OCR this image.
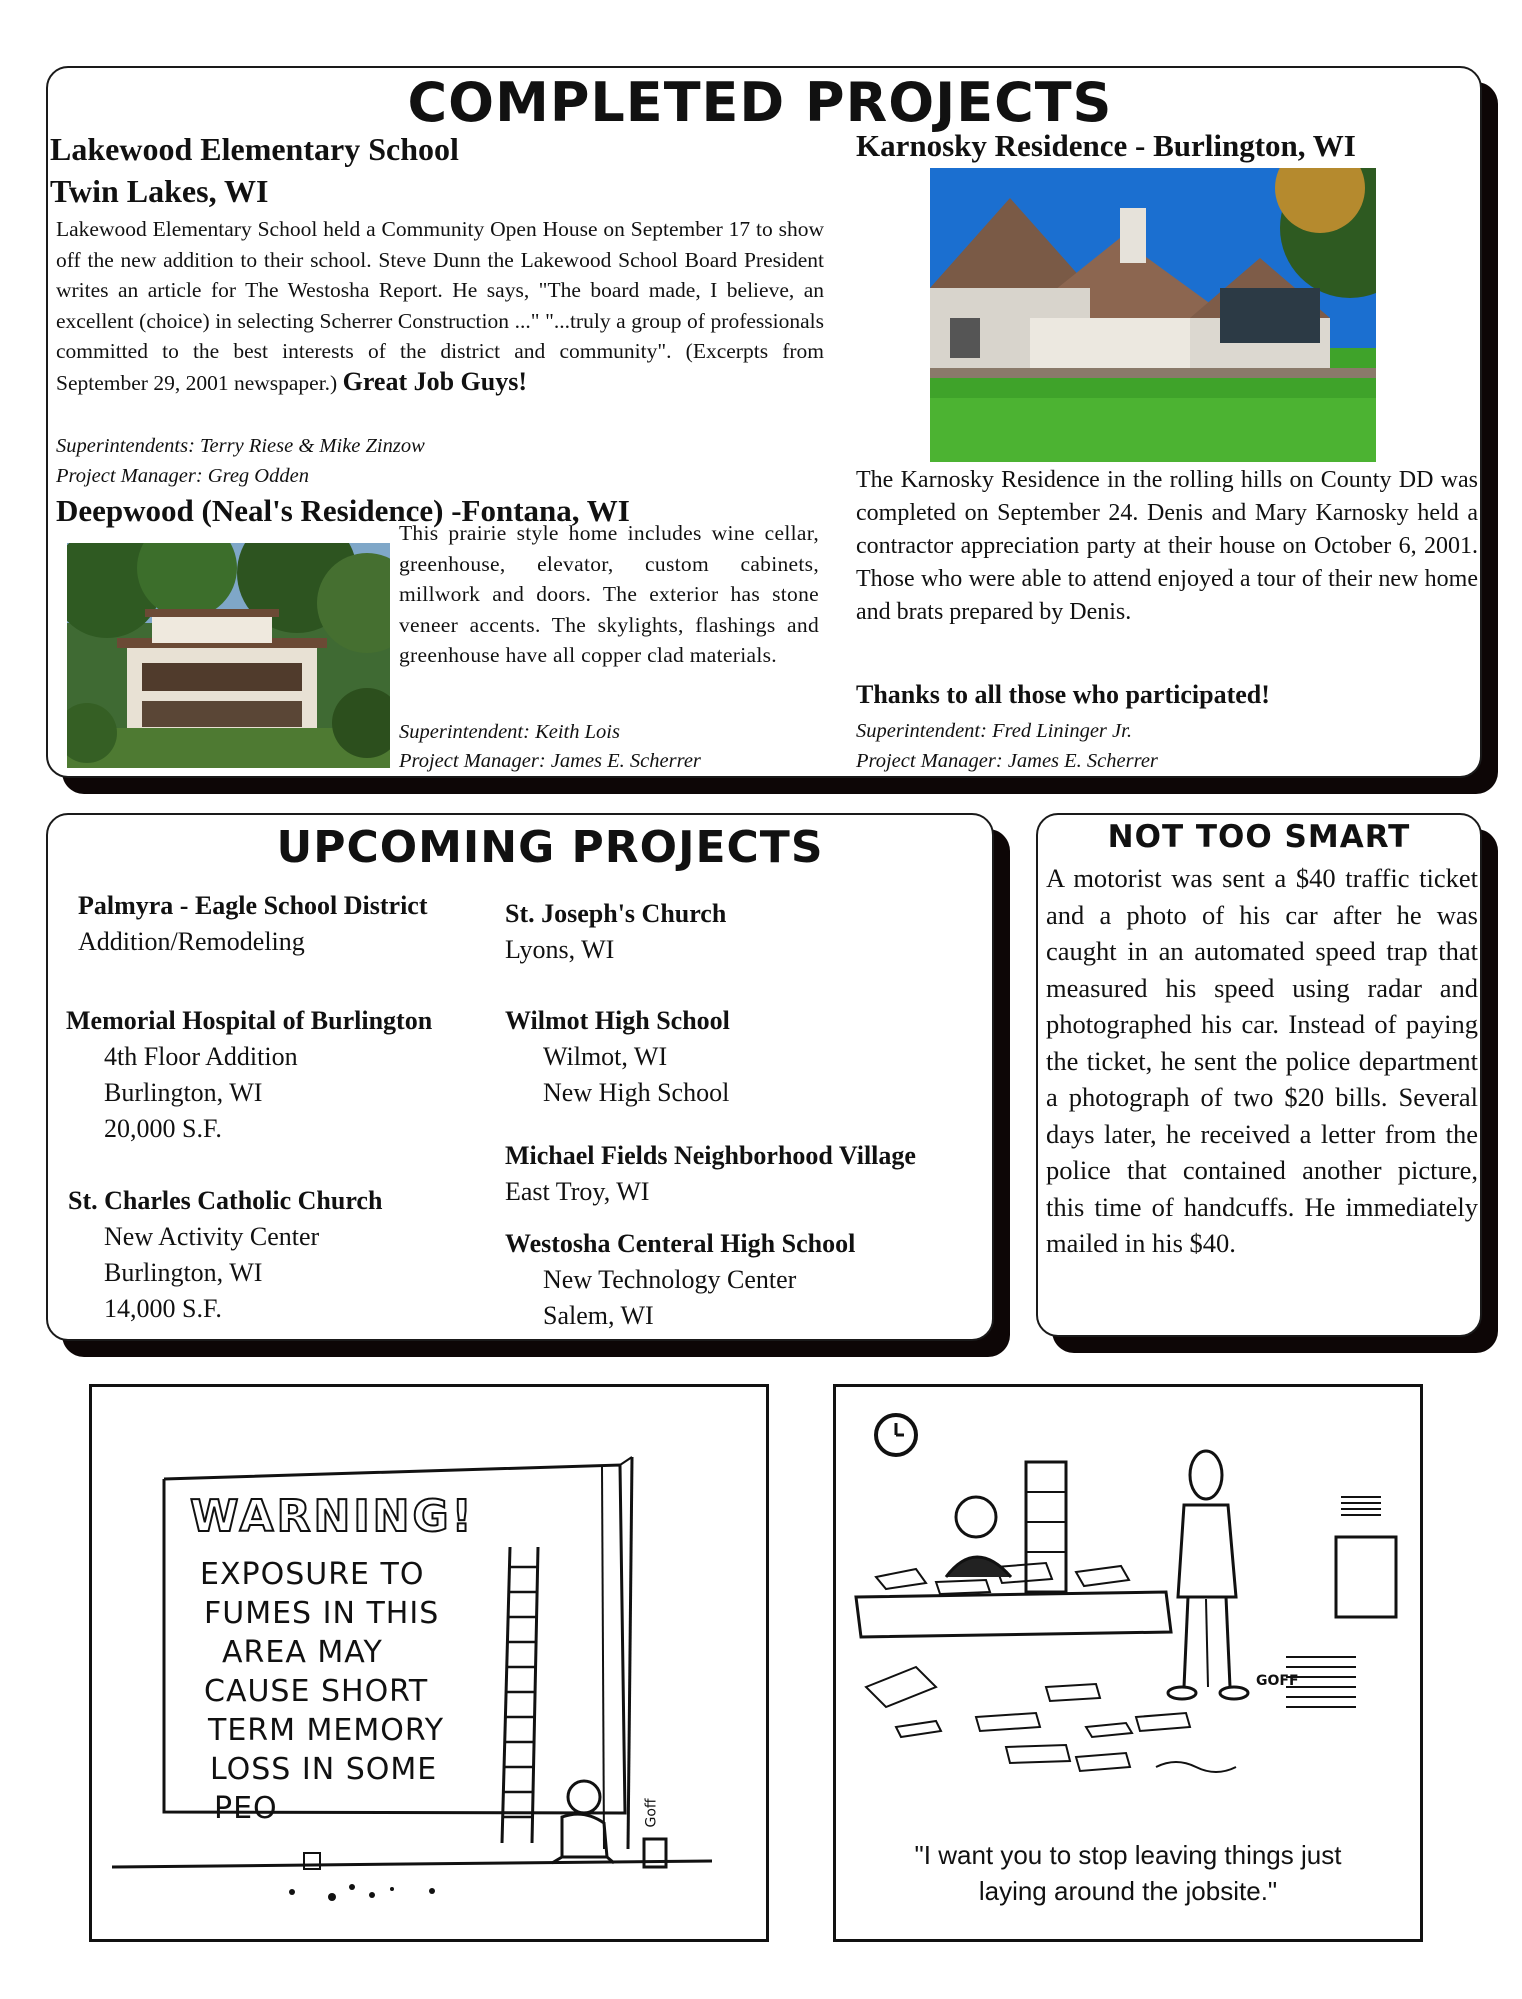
COMPLETED PROJECTS
Lakewood Elementary School
Twin Lakes, WI
Lakewood Elementary School held a Community Open House on September 17 to show off the new addition to their school. Steve Dunn the Lakewood School Board President writes an article for The Westosha Report. He says, "The board made, I believe, an excellent (choice) in selecting Scherrer Construction ..." "...truly a group of professionals committed to the best interests of the district and community". (Excerpts from September 29, 2001 newspaper.) Great Job Guys!
Superintendents: Terry Riese & Mike Zinzow
Project Manager: Greg Odden
Deepwood (Neal's Residence) -Fontana, WI
This prairie style home includes wine cellar, greenhouse, elevator, custom cabinets, millwork and doors. The exterior has stone veneer accents. The skylights, flashings and greenhouse have all copper clad materials.
Superintendent: Keith Lois
Project Manager: James E. Scherrer
Karnosky Residence - Burlington, WI
The Karnosky Residence in the rolling hills on County DD was completed on September 24. Denis and Mary Karnosky held a contractor appreciation party at their house on October 6, 2001. Those who were able to attend enjoyed a tour of their new home and brats prepared by Denis.
Thanks to all those who participated!
Superintendent: Fred Lininger Jr.
Project Manager: James E. Scherrer
UPCOMING PROJECTS
Palmyra - Eagle School District
Addition/Remodeling
Memorial Hospital of Burlington

4th Floor Addition
Burlington, WI
20,000 S.F.
St. Charles Catholic Church

New Activity Center
Burlington, WI
14,000 S.F.
St. Joseph's Church
Lyons, WI
Wilmot High School

Wilmot, WI
New High School
Michael Fields Neighborhood Village
East Troy, WI
Westosha Centeral High School

New Technology Center
Salem, WI
NOT TOO SMART
A motorist was sent a $40 traffic ticket and a photo of his car after he was caught in an automated speed trap that measured his speed using radar and photographed his car. Instead of paying the ticket, he sent the police department a photograph of two $20 bills. Several days later, he received a letter from the police that contained another picture, this time of handcuffs. He immediately mailed in his $40.
WARNING!
EXPOSURE TO
FUMES IN THIS
AREA MAY
CAUSE SHORT
TERM MEMORY
LOSS IN SOME
PEO	Goff
GOFF
"I want you to stop leaving things just
laying around the jobsite."
